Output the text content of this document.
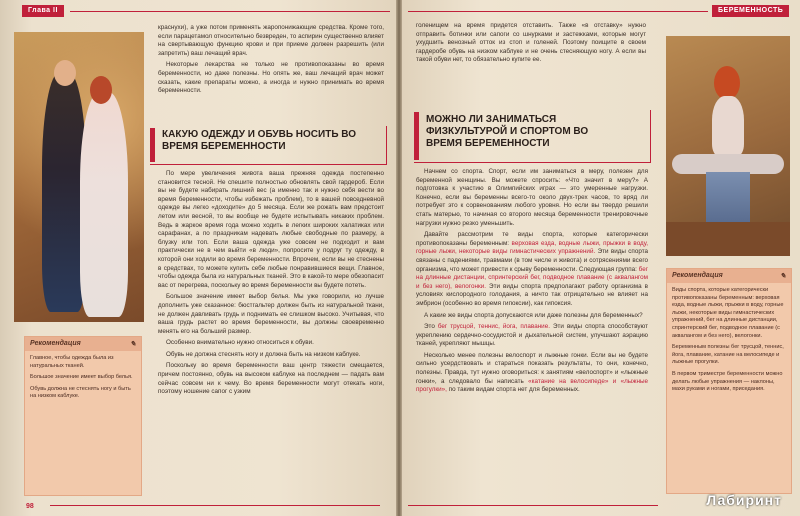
Глава II

краснухи), а уже потом применять жаропонижающие средства. Кроме того, если парацетамол относительно безвреден, то аспирин существенно влияет на свертывающую функцию крови и при приеме должен разрешить (или запретить) ваш лечащий врач.

Некоторые лекарства не только не противопоказаны во время беременности, но даже полезны. Но опять же, ваш лечащий врач может сказать, какие препараты можно, а иногда и нужно принимать во время беременности.

КАКУЮ ОДЕЖДУ И ОБУВЬ НОСИТЬ ВО ВРЕМЯ БЕРЕМЕННОСТИ

По мере увеличения живота ваша прежняя одежда постепенно становится тесной. Не спешите полностью обновлять свой гардероб. Если вы не будете набирать лишний вес (а именно так и нужно себя вести во время беременности, чтобы избежать проблем), то в вашей повседневной одежде вы легко «доходите» до 5 месяца. Если же рожать вам предстоит летом или весной, то вы вообще не будете испытывать никаких проблем. Ведь в жаркое время года можно ходить в легких широких халатиках или сарафанах, а по праздникам надевать любые свободные по размеру, а блузку или топ. Если ваша одежда уже совсем не подходит и вам практически не в чем выйти «в люди», попросите у подруг ту одежду, в которой они ходили во время беременности. Впрочем, если вы не стеснены в средствах, то можете купить себе любые понравившиеся вещи. Главное, чтобы одежда была из натуральных тканей. Это в какой-то мере обезопасит вас от перегрева, поскольку во время беременности вы будете потеть.

Большое значение имеет выбор белья. Мы уже говорили, но лучше дополнить уже сказанное: бюстгальтер должен быть из натуральной ткани, не должен давливать грудь и поднимать ее слишком высоко. Учитывая, что ваша грудь растет во время беременности, вы должны своевременно менять его на больший размер.

Особенно внимательно нужно относиться к обуви.

Обувь не должна стеснять ногу и должна быть на низком каблуке.

Поскольку во время беременности ваш центр тяжести смещается, причем постоянно, обувь на высоком каблуке на последнем — падать вам сейчас совсем ни к чему. Во время беременности могут отекать ноги, поэтому ношение сапог с узким

Рекомендация	✎

Главное, чтобы одежда была из натуральных тканей.

Большое значение имеет выбор белья.

Обувь должна не стеснять ногу и быть на низком каблуке.

98
БЕРЕМЕННОСТЬ

голенищем на время придется отставить. Также «в отставку» нужно отправить ботинки или сапоги со шнурками и застежками, которые могут ухудшить венозный отток из стоп и голеней. Поэтому поищите в своем гардеробе обувь на низком каблуке и не очень стесняющую ногу. А если вы такой обуви нет, то обязательно купите ее.

МОЖНО ЛИ ЗАНИМАТЬСЯ ФИЗКУЛЬТУРОЙ И СПОРТОМ ВО ВРЕМЯ БЕРЕМЕННОСТИ

Начнем со спорта. Спорт, если им заниматься в меру, полезен для беременной женщины. Вы можете спросить: «Что значит в меру?» А подготовка к участию в Олимпийских играх — это умеренные нагрузки. Конечно, если вы беременны всего-то около двух-трех часов, то вряд ли потребует это к сорвенованиям любого уровня. Но если вы твердо решили стать матерью, то начиная со второго месяца беременности тренировочные нагрузки нужно резко уменьшить.

Давайте рассмотрим те виды спорта, которые категорически противопоказаны беременным: верховая езда, водные лыжи, прыжки в воду, горные лыжи, некоторые виды гимнастических упражнений. Эти виды спорта связаны с падениями, травмами (в том числе и живота) и сотрясениями всего организма, что может привести к срыву беременности. Следующая группа: бег на длинные дистанции, спринтерский бег, подводное плавание (с аквалангом и без него), велогонки. Эти виды спорта предполагают работу организма в условиях кислородного голодания, а ничто так отрицательно не влияет на эмбрион (особенно во время гипоксии), как гипоксия.

А какие же виды спорта допускаются или даже полезны для беременных?

Это бег трусцой, теннис, йога, плавание. Эти виды спорта способствуют укреплению сердечно-сосудистой и дыхательной систем, улучшают аэрацию тканей, укрепляют мышцы.

Несколько менее полезны велоспорт и лыжные гонки. Если вы не будете сильно усердствовать и стараться показать результаты, то они, конечно, полезны. Правда, тут нужно оговориться: к занятиям «велоспорт» и «лыжные гонки», а следовало бы написать «катание на велосипеде» и «лыжные прогулки», по таким видам спорта нет для беременных.

Рекомендация	✎

Виды спорта, которые категорически противопоказаны беременным: верховая езда, водные лыжи, прыжки в воду, горные лыжи, некоторые виды гимнастических упражнений, бег на длинные дистанции, спринтерский бег, подводное плавание (с аквалангом и без него), велогонки.

Беременным полезны бег трусцой, теннис, йога, плавание, катание на велосипеде и лыжные прогулки.

В первом триместре беременности можно делать любые упражнения — наклоны, махи руками и ногами, приседания.

Лабиринт
